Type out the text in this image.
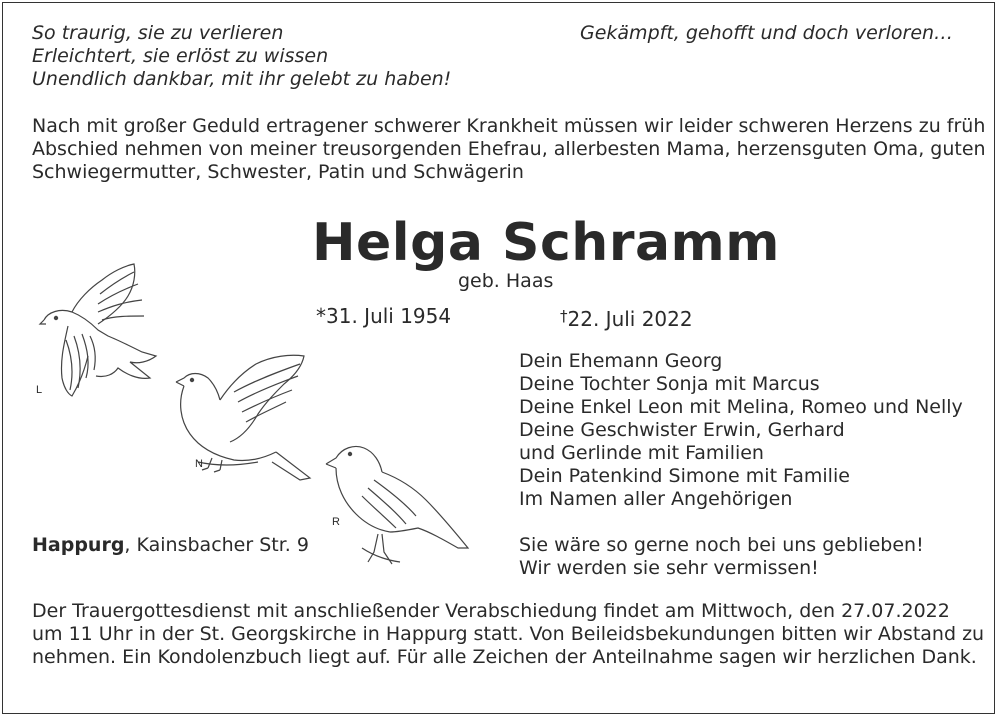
So traurig, sie zu verlieren
Erleichtert, sie erlöst zu wissen
Unendlich dankbar, mit ihr gelebt zu haben!
Gekämpft, gehofft und doch verloren…
Nach mit großer Geduld ertragener schwerer Krankheit müssen wir leider schweren Herzens zu früh
Abschied nehmen von meiner treusorgenden Ehefrau, allerbesten Mama, herzensguten Oma, guten
Schwiegermutter, Schwester, Patin und Schwägerin
Helga Schramm
geb. Haas
*31. Juli 1954	†22. Juli 2022
Dein Ehemann Georg
Deine Tochter Sonja mit Marcus
Deine Enkel Leon mit Melina, Romeo und Nelly
Deine Geschwister Erwin, Gerhard
und Gerlinde mit Familien
Dein Patenkind Simone mit Familie
Im Namen aller Angehörigen
Happurg, Kainsbacher Str. 9	Sie wäre so gerne noch bei uns geblieben!
Wir werden sie sehr vermissen!
Der Trauergottesdienst mit anschließender Verabschiedung findet am Mittwoch, den 27.07.2022
um 11 Uhr in der St. Georgskirche in Happurg statt. Von Beileidsbekundungen bitten wir Abstand zu
nehmen. Ein Kondolenzbuch liegt auf. Für alle Zeichen der Anteilnahme sagen wir herzlichen Dank.
L
N
R
